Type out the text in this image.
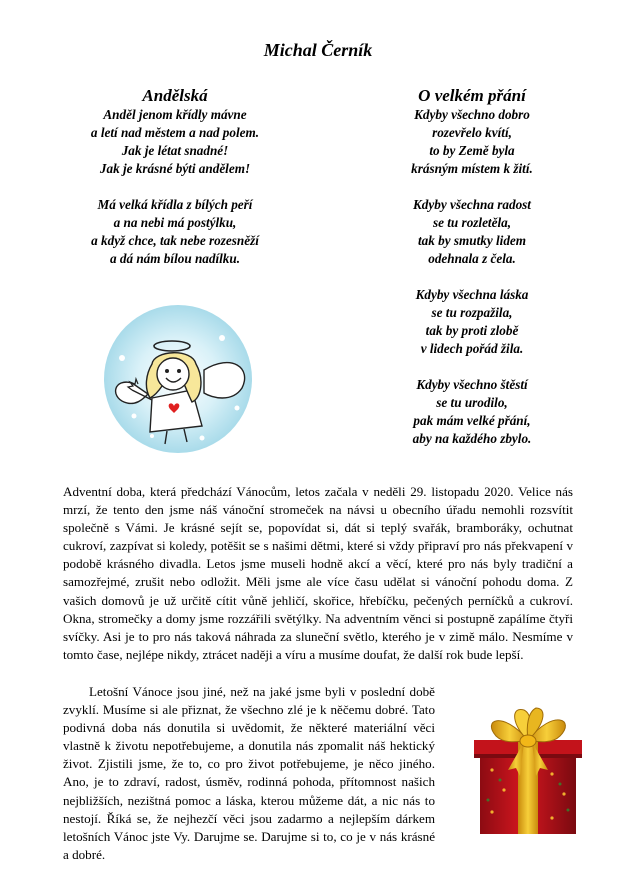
Michal Černík
Andělská
Anděl jenom křídly mávne
a letí nad městem a nad polem.
Jak je létat snadné!
Jak je krásné býti andělem!
Má velká křídla z bílých peří
a na nebi má postýlku,
a když chce, tak nebe rozesněží
a dá nám bílou nadílku.
O velkém přání
Kdyby všechno dobro
rozevřelo kvítí,
to by Země byla
krásným místem k žití.
Kdyby všechna radost
se tu rozletěla,
tak by smutky lidem
odehnala z čela.
Kdyby všechna láska
se tu rozpažila,
tak by proti zlobě
v lidech pořád žila.
Kdyby všechno štěstí
se tu urodilo,
pak mám velké přání,
aby na každého zbylo.
Adventní doba, která předchází Vánocům, letos začala v neděli 29. listopadu 2020. Velice nás mrzí, že tento den jsme náš vánoční stromeček na návsi u obecního úřadu nemohli rozsvítit společně s Vámi. Je krásné sejít se, popovídat si, dát si teplý svařák, bramboráky, ochutnat cukroví, zazpívat si koledy, potěšit se s našimi dětmi, které si vždy připraví pro nás překvapení v podobě krásného divadla. Letos jsme museli hodně akcí a věcí, které pro nás byly tradiční a samozřejmé, zrušit nebo odložit. Měli jsme ale více času udělat si vánoční pohodu doma. Z vašich domovů je už určitě cítit vůně jehličí, skořice, hřebíčku, pečených perníčků a cukroví. Okna, stromečky a domy jsme rozzářili světýlky. Na adventním věnci si postupně zapálíme čtyři svíčky. Asi je to pro nás taková náhrada za sluneční světlo, kterého je v zimě málo. Nesmíme v tomto čase, nejlépe nikdy, ztrácet naději a víru a musíme doufat, že další rok bude lepší.
Letošní Vánoce jsou jiné, než na jaké jsme byli v poslední době zvyklí. Musíme si ale přiznat, že všechno zlé je k něčemu dobré. Tato podivná doba nás donutila si uvědomit, že některé materiální věci vlastně k životu nepotřebujeme, a donutila nás zpomalit náš hektický život. Zjistili jsme, že to, co pro život potřebujeme, je něco jiného. Ano, je to zdraví, radost, úsměv, rodinná pohoda, přítomnost našich nejbližších, nezištná pomoc a láska, kterou můžeme dát, a nic nás to nestojí. Říká se, že nejhezčí věci jsou zadarmo a nejlepším dárkem letošních Vánoc jste Vy. Darujme se. Darujme si to, co je v nás krásné a dobré.
